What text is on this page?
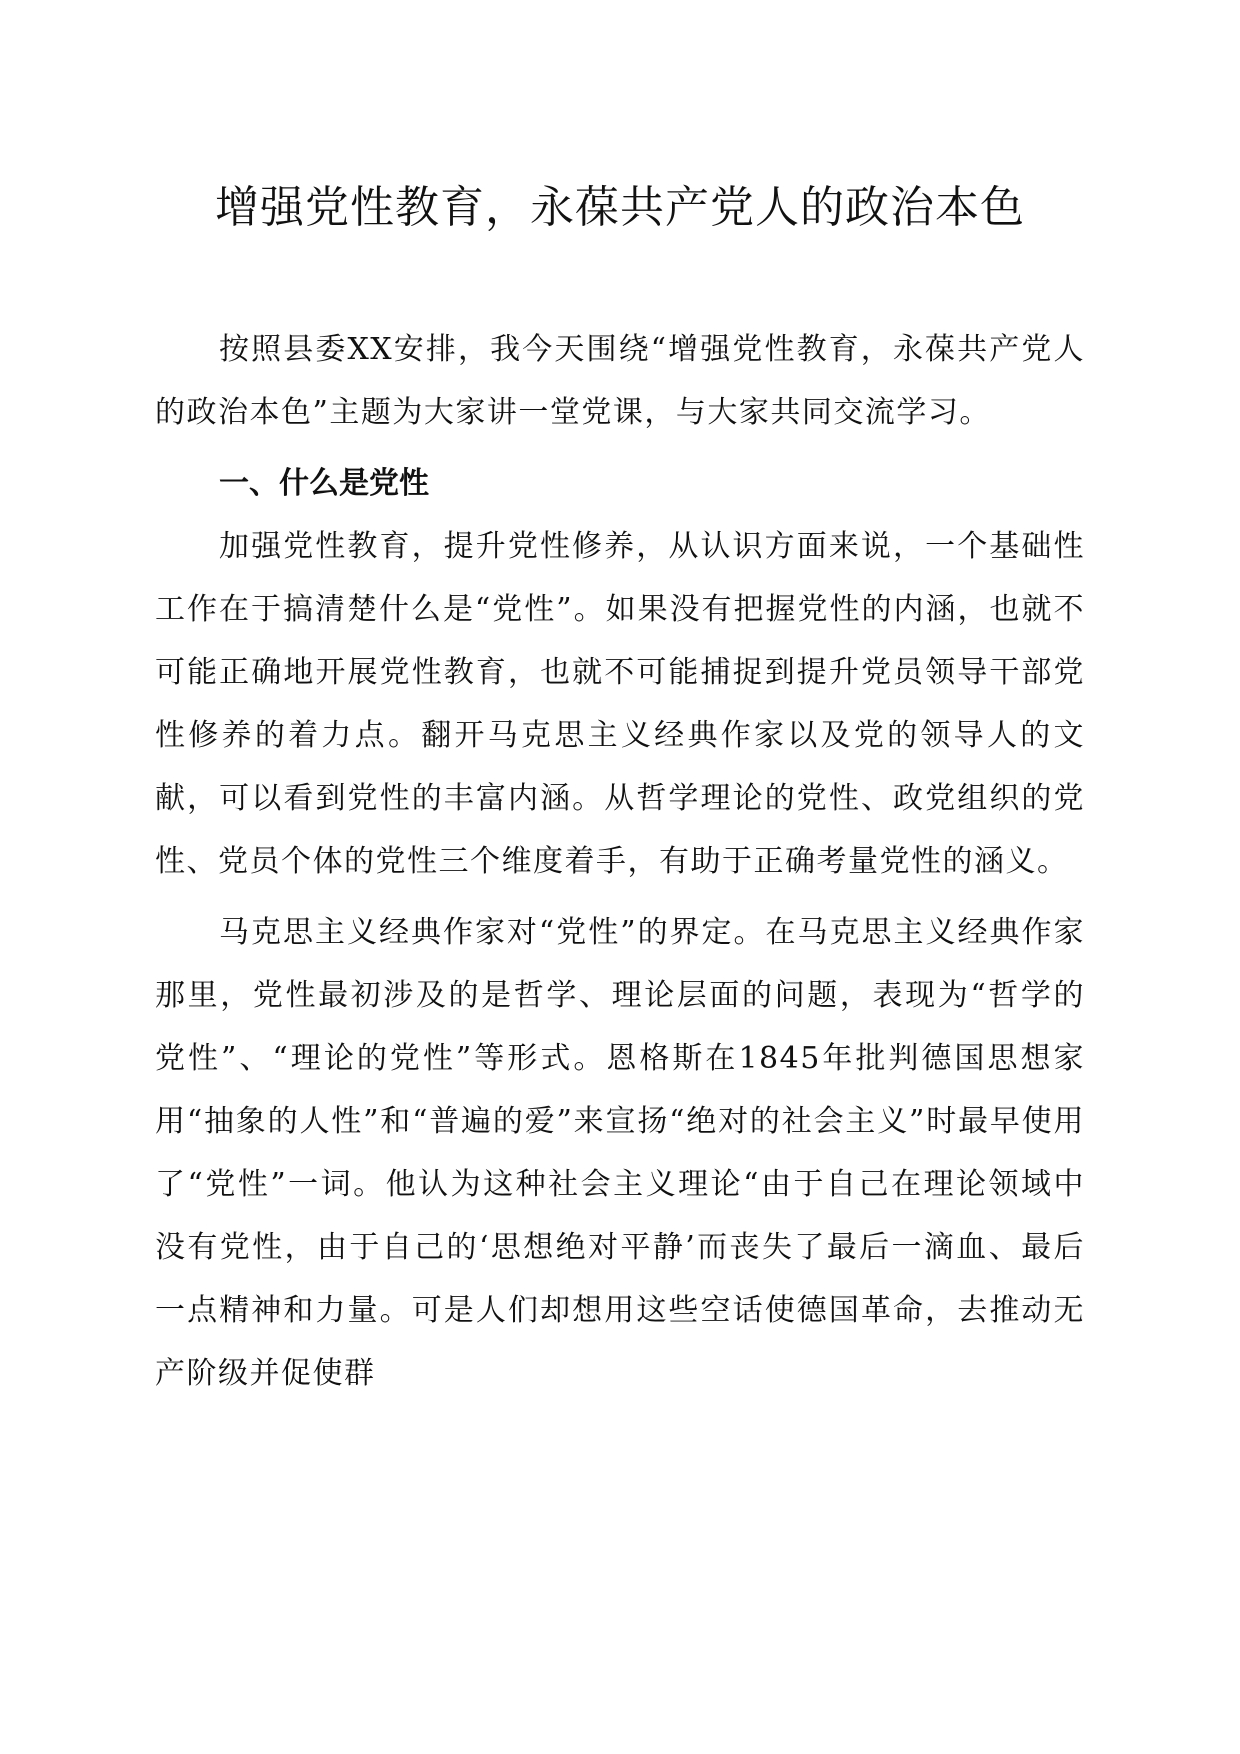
增强党性教育，永葆共产党人的政治本色

按照县委XX安排，我今天围绕“增强党性教育，永葆共产党人的政治本色”主题为大家讲一堂党课，与大家共同交流学习。

一、什么是党性

加强党性教育，提升党性修养，从认识方面来说，一个基础性工作在于搞清楚什么是“党性”。如果没有把握党性的内涵，也就不可能正确地开展党性教育，也就不可能捕捉到提升党员领导干部党性修养的着力点。翻开马克思主义经典作家以及党的领导人的文献，可以看到党性的丰富内涵。从哲学理论的党性、政党组织的党性、党员个体的党性三个维度着手，有助于正确考量党性的涵义。

马克思主义经典作家对“党性”的界定。在马克思主义经典作家那里，党性最初涉及的是哲学、理论层面的问题，表现为“哲学的党性”、“理论的党性”等形式。恩格斯在1845年批判德国思想家用“抽象的人性”和“普遍的爱”来宣扬“绝对的社会主义”时最早使用了“党性”一词。他认为这种社会主义理论“由于自己在理论领域中没有党性，由于自己的‘思想绝对平静’而丧失了最后一滴血、最后一点精神和力量。可是人们却想用这些空话使德国革命，去推动无产阶级并促使群
